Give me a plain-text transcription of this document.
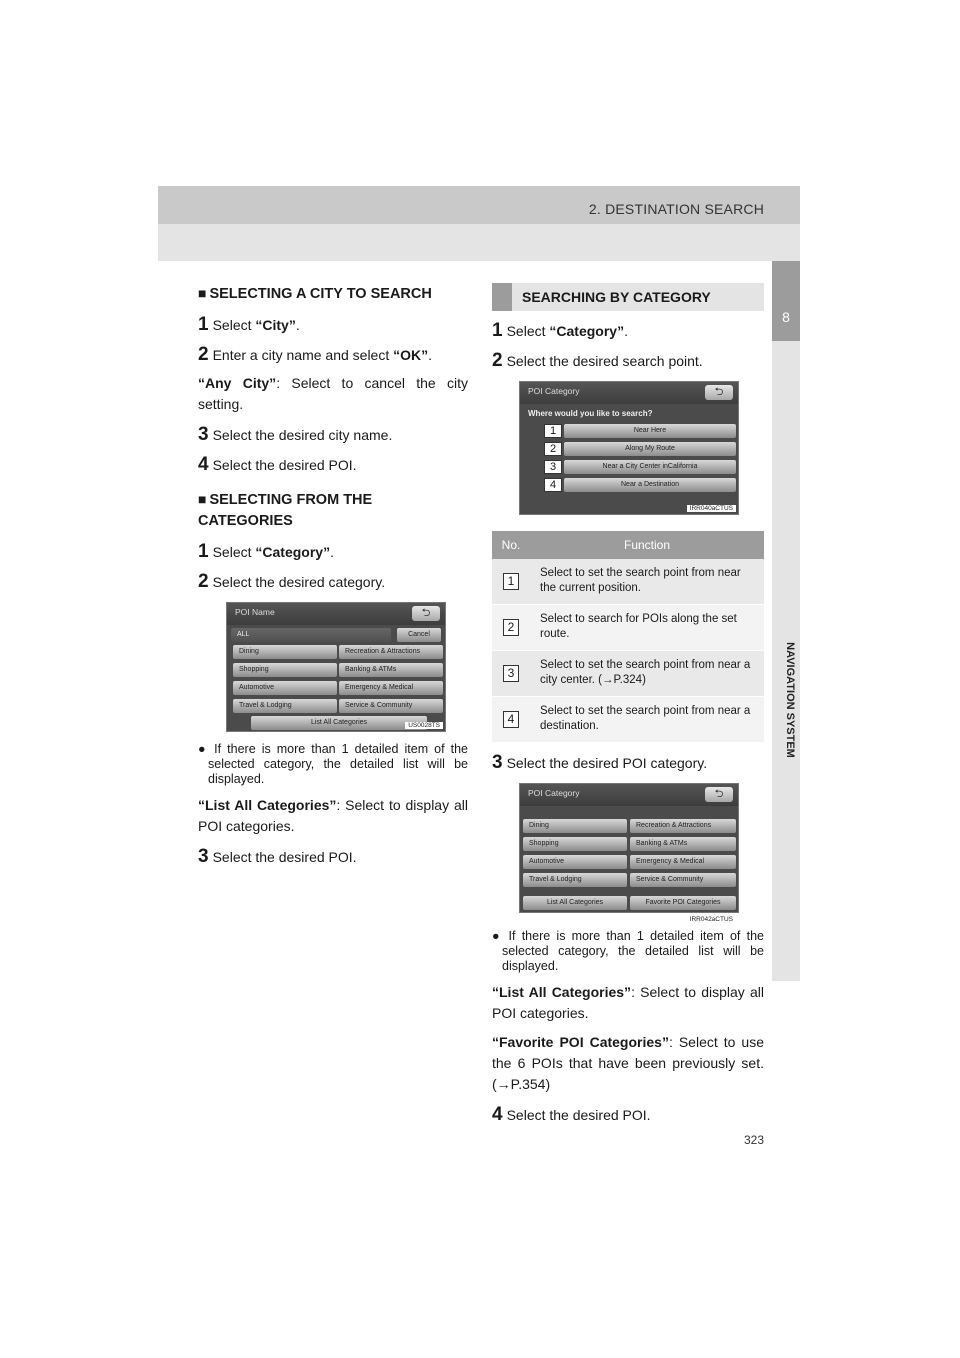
2. DESTINATION SEARCH
8
NAVIGATION SYSTEM
■ SELECTING A CITY TO SEARCH
1 Select “City”.
2 Enter a city name and select “OK”.
“Any City”: Select to cancel the city setting.
3 Select the desired city name.
4 Select the desired POI.
■ SELECTING FROM THE CATEGORIES
1 Select “Category”.
2 Select the desired category.
POI Name	⮌
ALL	Cancel
Dining	Recreation & Attractions
Shopping	Banking & ATMs
Automotive	Emergency & Medical
Travel & Lodging	Service & Community
List All Categories	US0028TS
● If there is more than 1 detailed item of the selected category, the detailed list will be displayed.
“List All Categories”: Select to display all POI categories.
3 Select the desired POI.
SEARCHING BY CATEGORY
1 Select “Category”.
2 Select the desired search point.
POI Category	⮌
Where would you like to search?
1	Near Here
2	Along My Route
3	Near a City Center inCalifornia
4	Near a Destination
IRR040aCTUS
No.	Function
1	Select to set the search point from near the current position.
2	Select to search for POIs along the set route.
3	Select to set the search point from near a city center. (→P.324)
4	Select to set the search point from near a destination.
3 Select the desired POI category.
POI Category	⮌
Dining	Recreation & Attractions
Shopping	Banking & ATMs
Automotive	Emergency & Medical
Travel & Lodging	Service & Community
List All Categories	Favorite POI Categories
IRR042aCTUS
● If there is more than 1 detailed item of the selected category, the detailed list will be displayed.
“List All Categories”: Select to display all POI categories.
“Favorite POI Categories”: Select to use the 6 POIs that have been previously set.(→P.354)
4 Select the desired POI.
323
